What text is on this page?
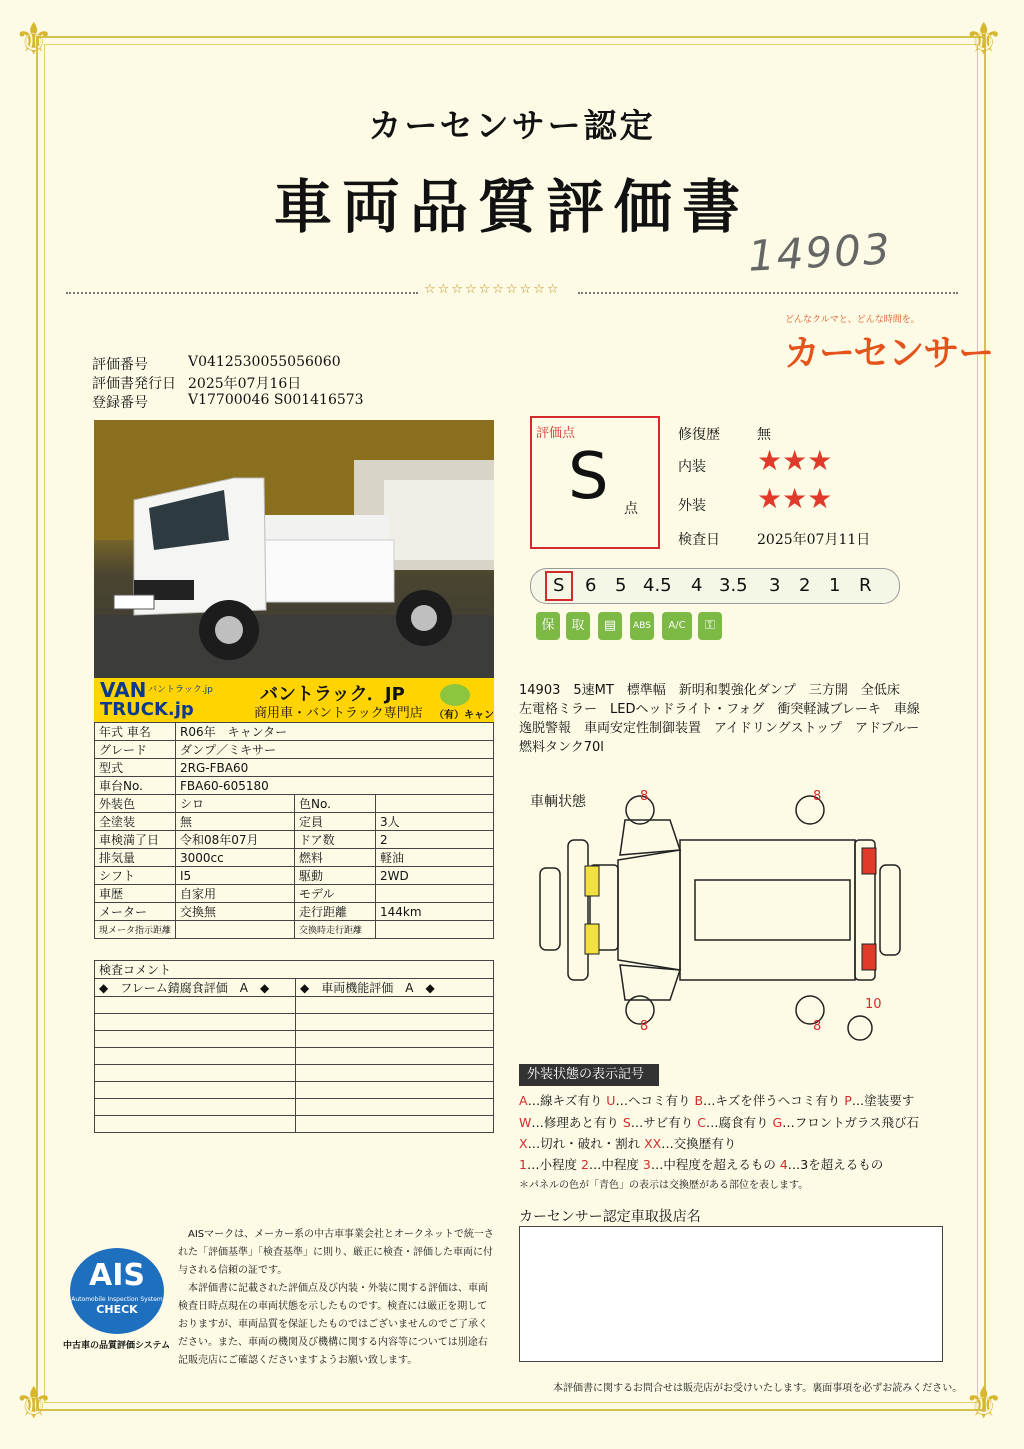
⚜	⚜
⚜	⚜
カーセンサー認定
車両品質評価書
14903
☆☆☆☆☆☆☆☆☆☆
どんなクルマと、どんな時間を。
カーセンサー
評価番号	V0412530055056060
評価書発行日 2025年07月16日
登録番号	V17700046 S001416573
VAN バントラック.jp
TRUCK.jp
バントラック．JP
商用車・バントラック専門店 （有）キャン
年式 車名	R06年　 キャンター		
グレード	ダンプ／ミキサー		
型式	2RG-FBA60		
車台No.	FBA60-605180		
外装色	シロ	色No.	
全塗装	無	定員	3人
車検満了日	令和08年07月	ドア数	2
排気量	3000cc	燃料	軽油
シフト	I5	駆動	2WD
車歴	自家用	モデル	
メーター	交換無	走行距離	144km
現メータ指示距離		交換時走行距離	
検査コメント	
◆　フレーム錆腐食評価　A　◆	◆　車両機能評価　A　◆

評価点
S 点
修復歴	無
内装 ★★★
外装 ★★★
検査日	2025年07月11日
S 6 5 4.5 4 3.5 3 2 1 R
保	取	▤	ABS	A/C	⚿
14903　5速MT　標準幅　新明和製強化ダンプ　三方開　全低床　左電格ミラー　LEDヘッドライト・フォグ　衝突軽減ブレーキ　車線逸脱警報　車両安定性制御装置　アイドリングストップ　アドブルー　燃料タンク70l
車輌状態	8	8
8	8
10
外装状態の表示記号
A…線キズ有り U…ヘコミ有り B…キズを伴うヘコミ有り P…塗装要す
W…修理あと有り S…サビ有り C…腐食有り G…フロントガラス飛び石
X…切れ・破れ・割れ XX…交換歴有り
1…小程度 2…中程度 3…中程度を超えるもの 4…3を超えるもの
＊パネルの色が「青色」の表示は交換歴がある部位を表します。
カーセンサー認定車取扱店名
AIS
Automobile Inspection System
CHECK
中古車の品質評価システム
AISマークは、メーカー系の中古車事業会社とオークネットで統一された「評価基準」「検査基準」に則り、厳正に検査・評価した車両に付与される信頼の証です。
本評価書に記載された評価点及び内装・外装に関する評価は、車両検査日時点現在の車両状態を示したものです。検査には厳正を期しておりますが、車両品質を保証したものではございませんのでご了承ください。また、車両の機関及び機構に関する内容等については別途右記販売店にご確認くださいますようお願い致します。
本評価書に関するお問合せは販売店がお受けいたします。裏面事項を必ずお読みください。
